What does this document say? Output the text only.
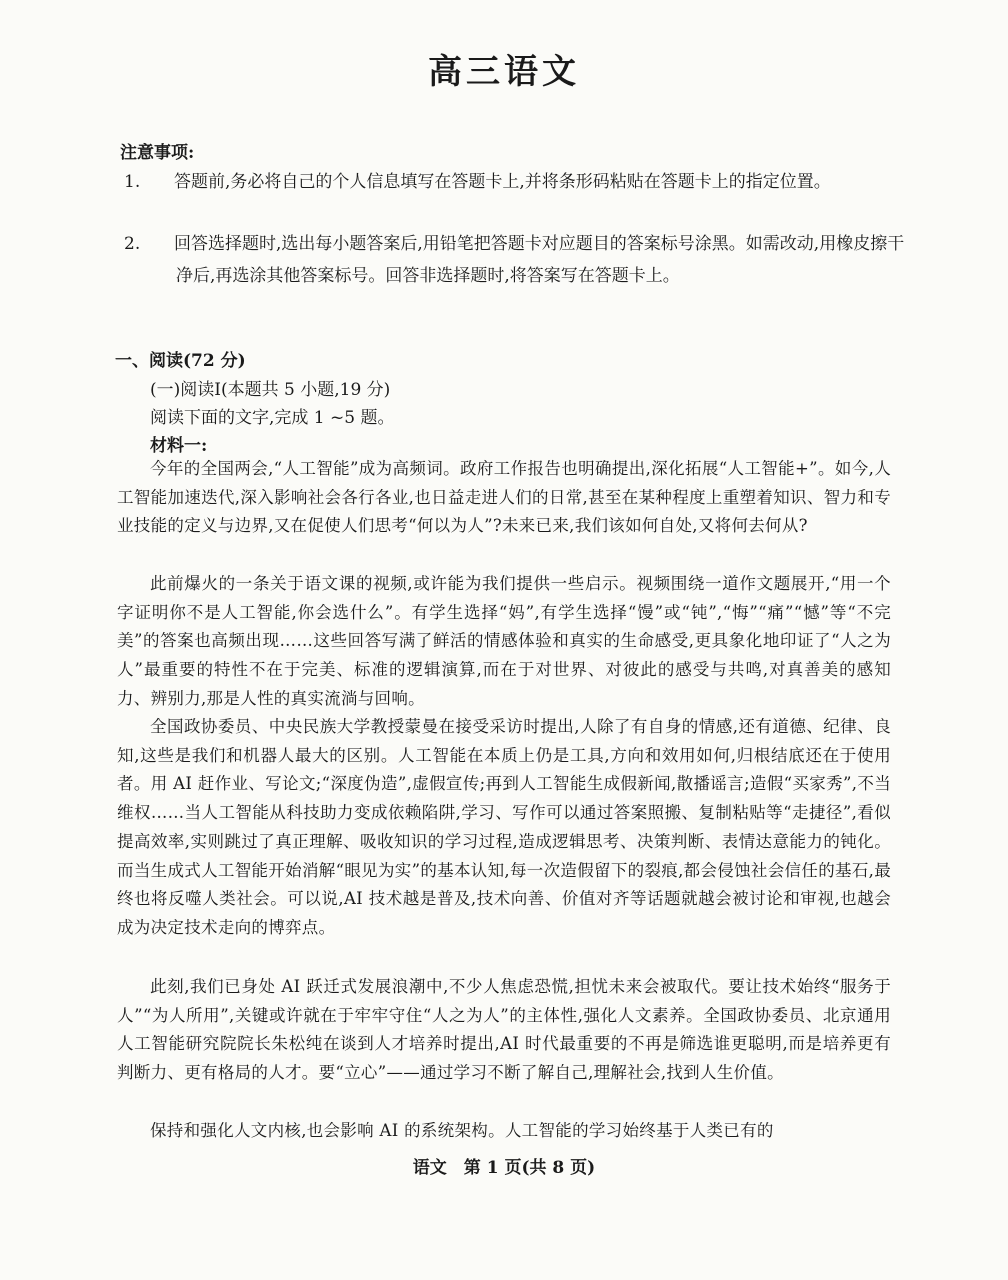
高三语文
注意事项:
1. 答题前,务必将自己的个人信息填写在答题卡上,并将条形码粘贴在答题卡上的指定位置。
2. 回答选择题时,选出每小题答案后,用铅笔把答题卡对应题目的答案标号涂黑。如需改动,用橡皮擦干净后,再选涂其他答案标号。回答非选择题时,将答案写在答题卡上。
一、阅读(72 分)
(一)阅读Ⅰ(本题共 5 小题,19 分)
阅读下面的文字,完成 1 ~5 题。
材料一:
今年的全国两会,“人工智能”成为高频词。政府工作报告也明确提出,深化拓展“人工智能+”。如今,人工智能加速迭代,深入影响社会各行各业,也日益走进人们的日常,甚至在某种程度上重塑着知识、智力和专业技能的定义与边界,又在促使人们思考“何以为人”?未来已来,我们该如何自处,又将何去何从?
此前爆火的一条关于语文课的视频,或许能为我们提供一些启示。视频围绕一道作文题展开,“用一个字证明你不是人工智能,你会选什么”。有学生选择“妈”,有学生选择“馒”或“钝”,“悔”“痛”“憾”等“不完美”的答案也高频出现……这些回答写满了鲜活的情感体验和真实的生命感受,更具象化地印证了“人之为人”最重要的特性不在于完美、标准的逻辑演算,而在于对世界、对彼此的感受与共鸣,对真善美的感知力、辨别力,那是人性的真实流淌与回响。
全国政协委员、中央民族大学教授蒙曼在接受采访时提出,人除了有自身的情感,还有道德、纪律、良知,这些是我们和机器人最大的区别。人工智能在本质上仍是工具,方向和效用如何,归根结底还在于使用者。用 AI 赶作业、写论文;“深度伪造”,虚假宣传;再到人工智能生成假新闻,散播谣言;造假“买家秀”,不当维权……当人工智能从科技助力变成依赖陷阱,学习、写作可以通过答案照搬、复制粘贴等“走捷径”,看似提高效率,实则跳过了真正理解、吸收知识的学习过程,造成逻辑思考、决策判断、表情达意能力的钝化。而当生成式人工智能开始消解“眼见为实”的基本认知,每一次造假留下的裂痕,都会侵蚀社会信任的基石,最终也将反噬人类社会。可以说,AI 技术越是普及,技术向善、价值对齐等话题就越会被讨论和审视,也越会成为决定技术走向的博弈点。
此刻,我们已身处 AI 跃迁式发展浪潮中,不少人焦虑恐慌,担忧未来会被取代。要让技术始终“服务于人”“为人所用”,关键或许就在于牢牢守住“人之为人”的主体性,强化人文素养。全国政协委员、北京通用人工智能研究院院长朱松纯在谈到人才培养时提出,AI 时代最重要的不再是筛选谁更聪明,而是培养更有判断力、更有格局的人才。要“立心”——通过学习不断了解自己,理解社会,找到人生价值。
保持和强化人文内核,也会影响 AI 的系统架构。人工智能的学习始终基于人类已有的
语文　第 1 页(共 8 页)
